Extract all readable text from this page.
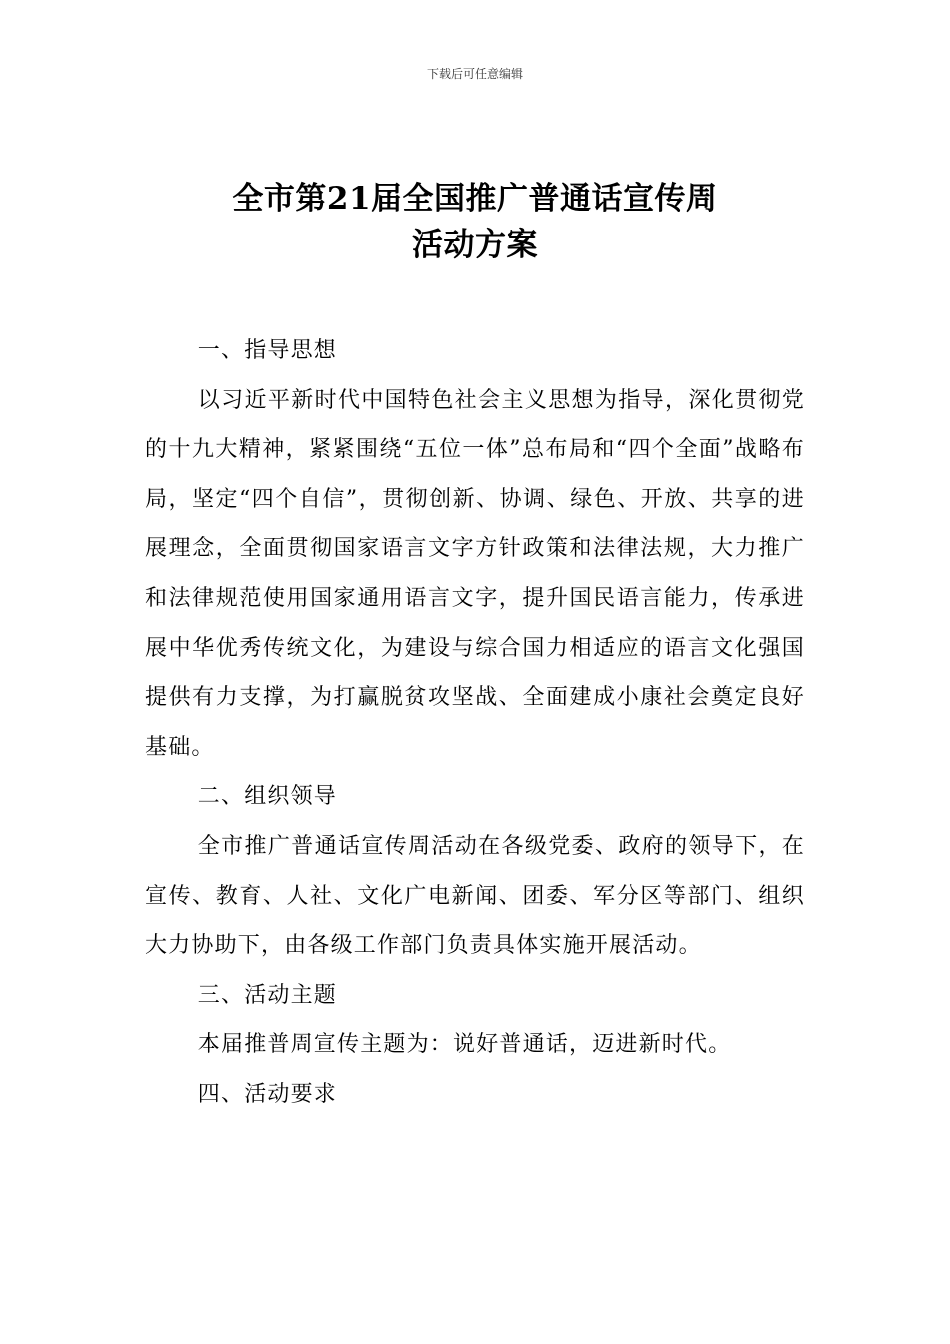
下载后可任意编辑
全市第21届全国推广普通话宣传周
活动方案

一、指导思想

以习近平新时代中国特色社会主义思想为指导，深化贯彻党的十九大精神，紧紧围绕“五位一体”总布局和“四个全面”战略布局，坚定“四个自信”，贯彻创新、协调、绿色、开放、共享的进展理念，全面贯彻国家语言文字方针政策和法律法规，大力推广和法律规范使用国家通用语言文字，提升国民语言能力，传承进展中华优秀传统文化，为建设与综合国力相适应的语言文化强国提供有力支撑，为打赢脱贫攻坚战、全面建成小康社会奠定良好基础。

二、组织领导

全市推广普通话宣传周活动在各级党委、政府的领导下，在宣传、教育、人社、文化广电新闻、团委、军分区等部门、组织大力协助下，由各级工作部门负责具体实施开展活动。

三、活动主题

本届推普周宣传主题为：说好普通话，迈进新时代。

四、活动要求
